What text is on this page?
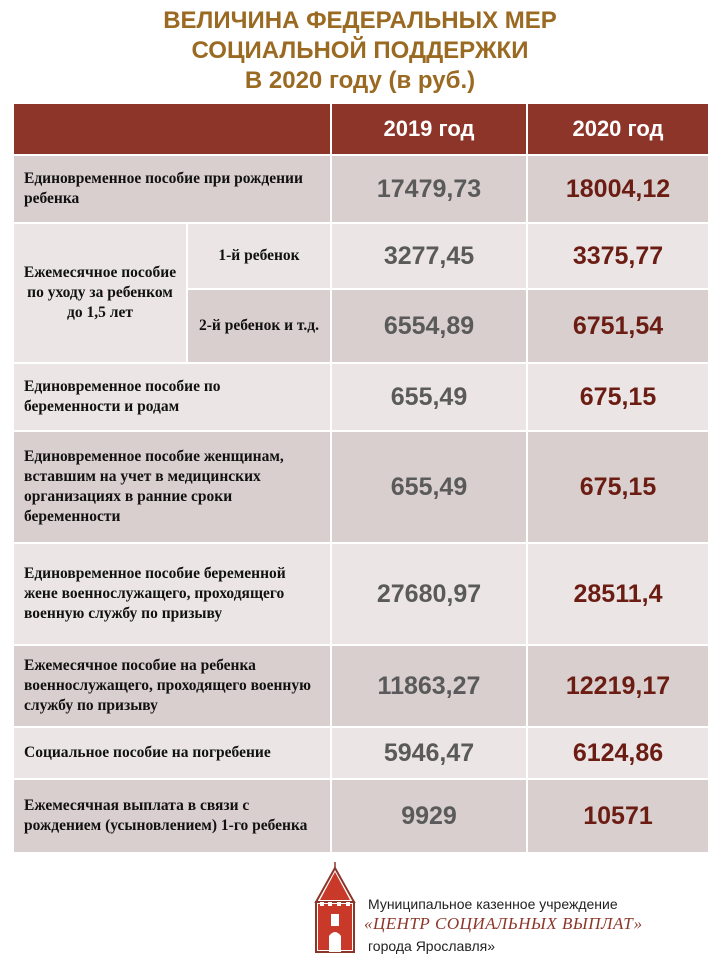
ВЕЛИЧИНА ФЕДЕРАЛЬНЫХ МЕР
СОЦИАЛЬНОЙ ПОДДЕРЖКИ
В 2020 году (в руб.)
		2019 год	2020 год
Единовременное пособие при рождении ребенка		17479,73	18004,12
Ежемесячное пособие по уходу за ребенком до 1,5 лет	1-й ребенок	3277,45	3375,77
	2-й ребенок и т.д.	6554,89	6751,54
Единовременное пособие по беременности и родам		655,49	675,15
Единовременное пособие женщинам, вставшим на учет в медицинских организациях в ранние сроки беременности		655,49	675,15
Единовременное пособие беременной жене военнослужащего, проходящего военную службу по призыву		27680,97	28511,4
Ежемесячное пособие на ребенка военнослужащего, проходящего военную службу по призыву		11863,27	12219,17
Социальное пособие на погребение		5946,47	6124,86
Ежемесячная выплата в связи с рождением (усыновлением) 1-го ребенка		9929	10571
Муниципальное казенное учреждение
«ЦЕНТР СОЦИАЛЬНЫХ ВЫПЛАТ»
города Ярославля»
